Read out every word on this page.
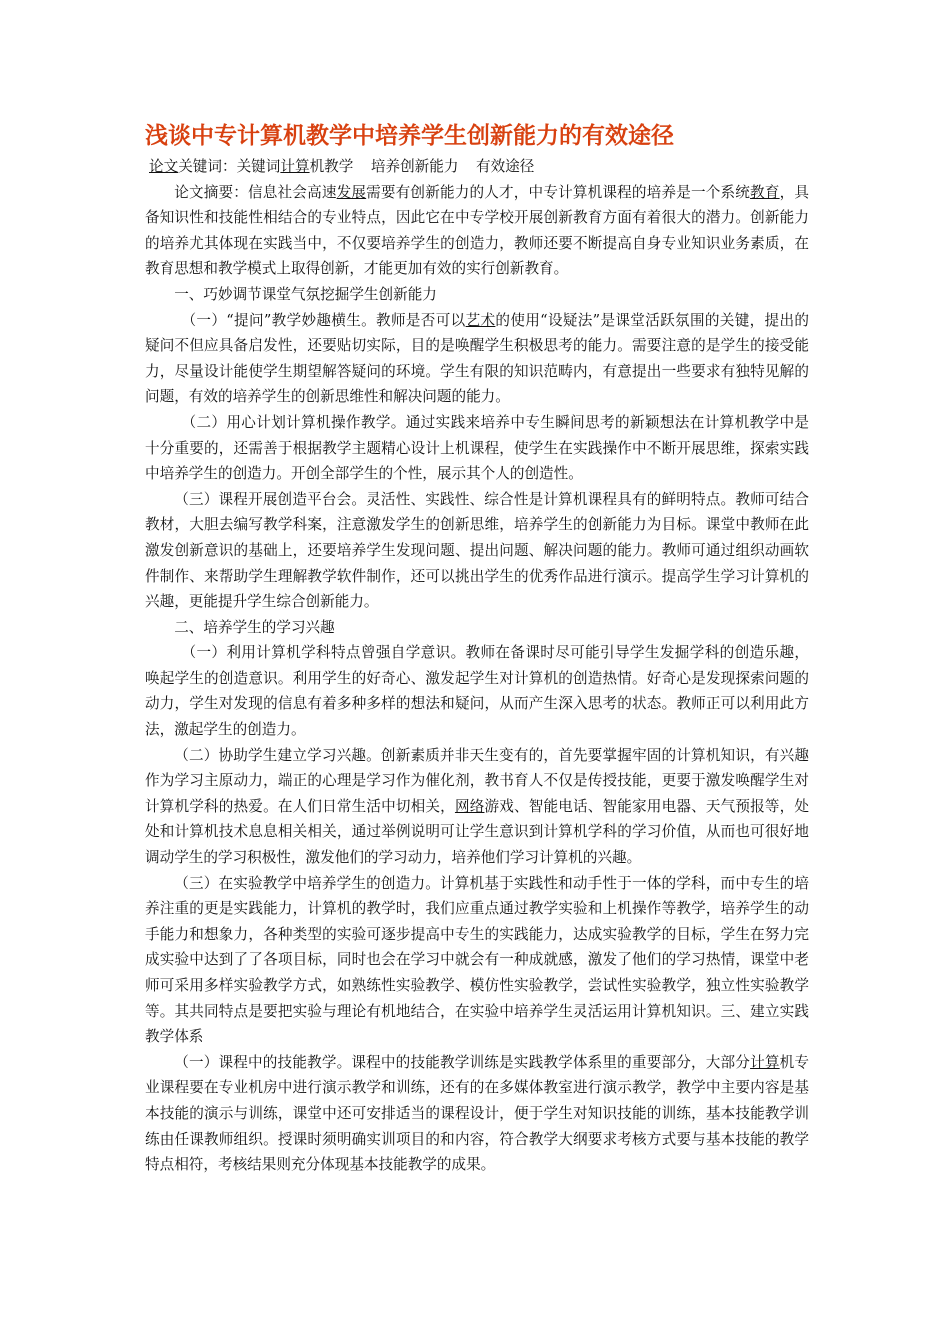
浅谈中专计算机教学中培养学生创新能力的有效途径

论文关键词：关键词计算机教学 培养创新能力 有效途径

论文摘要：信息社会高速发展需要有创新能力的人才，中专计算机课程的培养是一个系统教育，具备知识性和技能性相结合的专业特点，因此它在中专学校开展创新教育方面有着很大的潜力。创新能力的培养尤其体现在实践当中，不仅要培养学生的创造力，教师还要不断提高自身专业知识业务素质，在教育思想和教学模式上取得创新，才能更加有效的实行创新教育。

一、巧妙调节课堂气氛挖掘学生创新能力

（一）“提问”教学妙趣横生。教师是否可以艺术的使用“设疑法”是课堂活跃氛围的关键，提出的疑问不但应具备启发性，还要贴切实际，目的是唤醒学生积极思考的能力。需要注意的是学生的接受能力，尽量设计能使学生期望解答疑问的环境。学生有限的知识范畴内，有意提出一些要求有独特见解的问题，有效的培养学生的创新思维性和解决问题的能力。

（二）用心计划计算机操作教学。通过实践来培养中专生瞬间思考的新颖想法在计算机教学中是十分重要的，还需善于根据教学主题精心设计上机课程，使学生在实践操作中不断开展思维，探索实践中培养学生的创造力。开创全部学生的个性，展示其个人的创造性。

（三）课程开展创造平台会。灵活性、实践性、综合性是计算机课程具有的鲜明特点。教师可结合教材，大胆去编写教学科案，注意激发学生的创新思维，培养学生的创新能力为目标。课堂中教师在此激发创新意识的基础上，还要培养学生发现问题、提出问题、解决问题的能力。教师可通过组织动画软件制作、来帮助学生理解教学软件制作，还可以挑出学生的优秀作品进行演示。提高学生学习计算机的兴趣，更能提升学生综合创新能力。

二、培养学生的学习兴趣

（一）利用计算机学科特点曾强自学意识。教师在备课时尽可能引导学生发掘学科的创造乐趣，唤起学生的创造意识。利用学生的好奇心、激发起学生对计算机的创造热情。好奇心是发现探索问题的动力，学生对发现的信息有着多种多样的想法和疑问，从而产生深入思考的状态。教师正可以利用此方法，激起学生的创造力。

（二）协助学生建立学习兴趣。创新素质并非天生变有的，首先要掌握牢固的计算机知识，有兴趣作为学习主原动力，端正的心理是学习作为催化剂，教书育人不仅是传授技能，更要于激发唤醒学生对计算机学科的热爱。在人们日常生活中切相关，网络游戏、智能电话、智能家用电器、天气预报等，处处和计算机技术息息相关相关，通过举例说明可让学生意识到计算机学科的学习价值，从而也可很好地调动学生的学习积极性，激发他们的学习动力，培养他们学习计算机的兴趣。

（三）在实验教学中培养学生的创造力。计算机基于实践性和动手性于一体的学科，而中专生的培养注重的更是实践能力，计算机的教学时，我们应重点通过教学实验和上机操作等教学，培养学生的动手能力和想象力，各种类型的实验可逐步提高中专生的实践能力，达成实验教学的目标，学生在努力完成实验中达到了了各项目标，同时也会在学习中就会有一种成就感，激发了他们的学习热情，课堂中老师可采用多样实验教学方式，如熟练性实验教学、模仿性实验教学，尝试性实验教学，独立性实验教学等。其共同特点是要把实验与理论有机地结合，在实验中培养学生灵活运用计算机知识。三、建立实践教学体系

（一）课程中的技能教学。课程中的技能教学训练是实践教学体系里的重要部分，大部分计算机专业课程要在专业机房中进行演示教学和训练，还有的在多媒体教室进行演示教学，教学中主要内容是基本技能的演示与训练，课堂中还可安排适当的课程设计，便于学生对知识技能的训练，基本技能教学训练由任课教师组织。授课时须明确实训项目的和内容，符合教学大纲要求考核方式要与基本技能的教学特点相符，考核结果则充分体现基本技能教学的成果。
